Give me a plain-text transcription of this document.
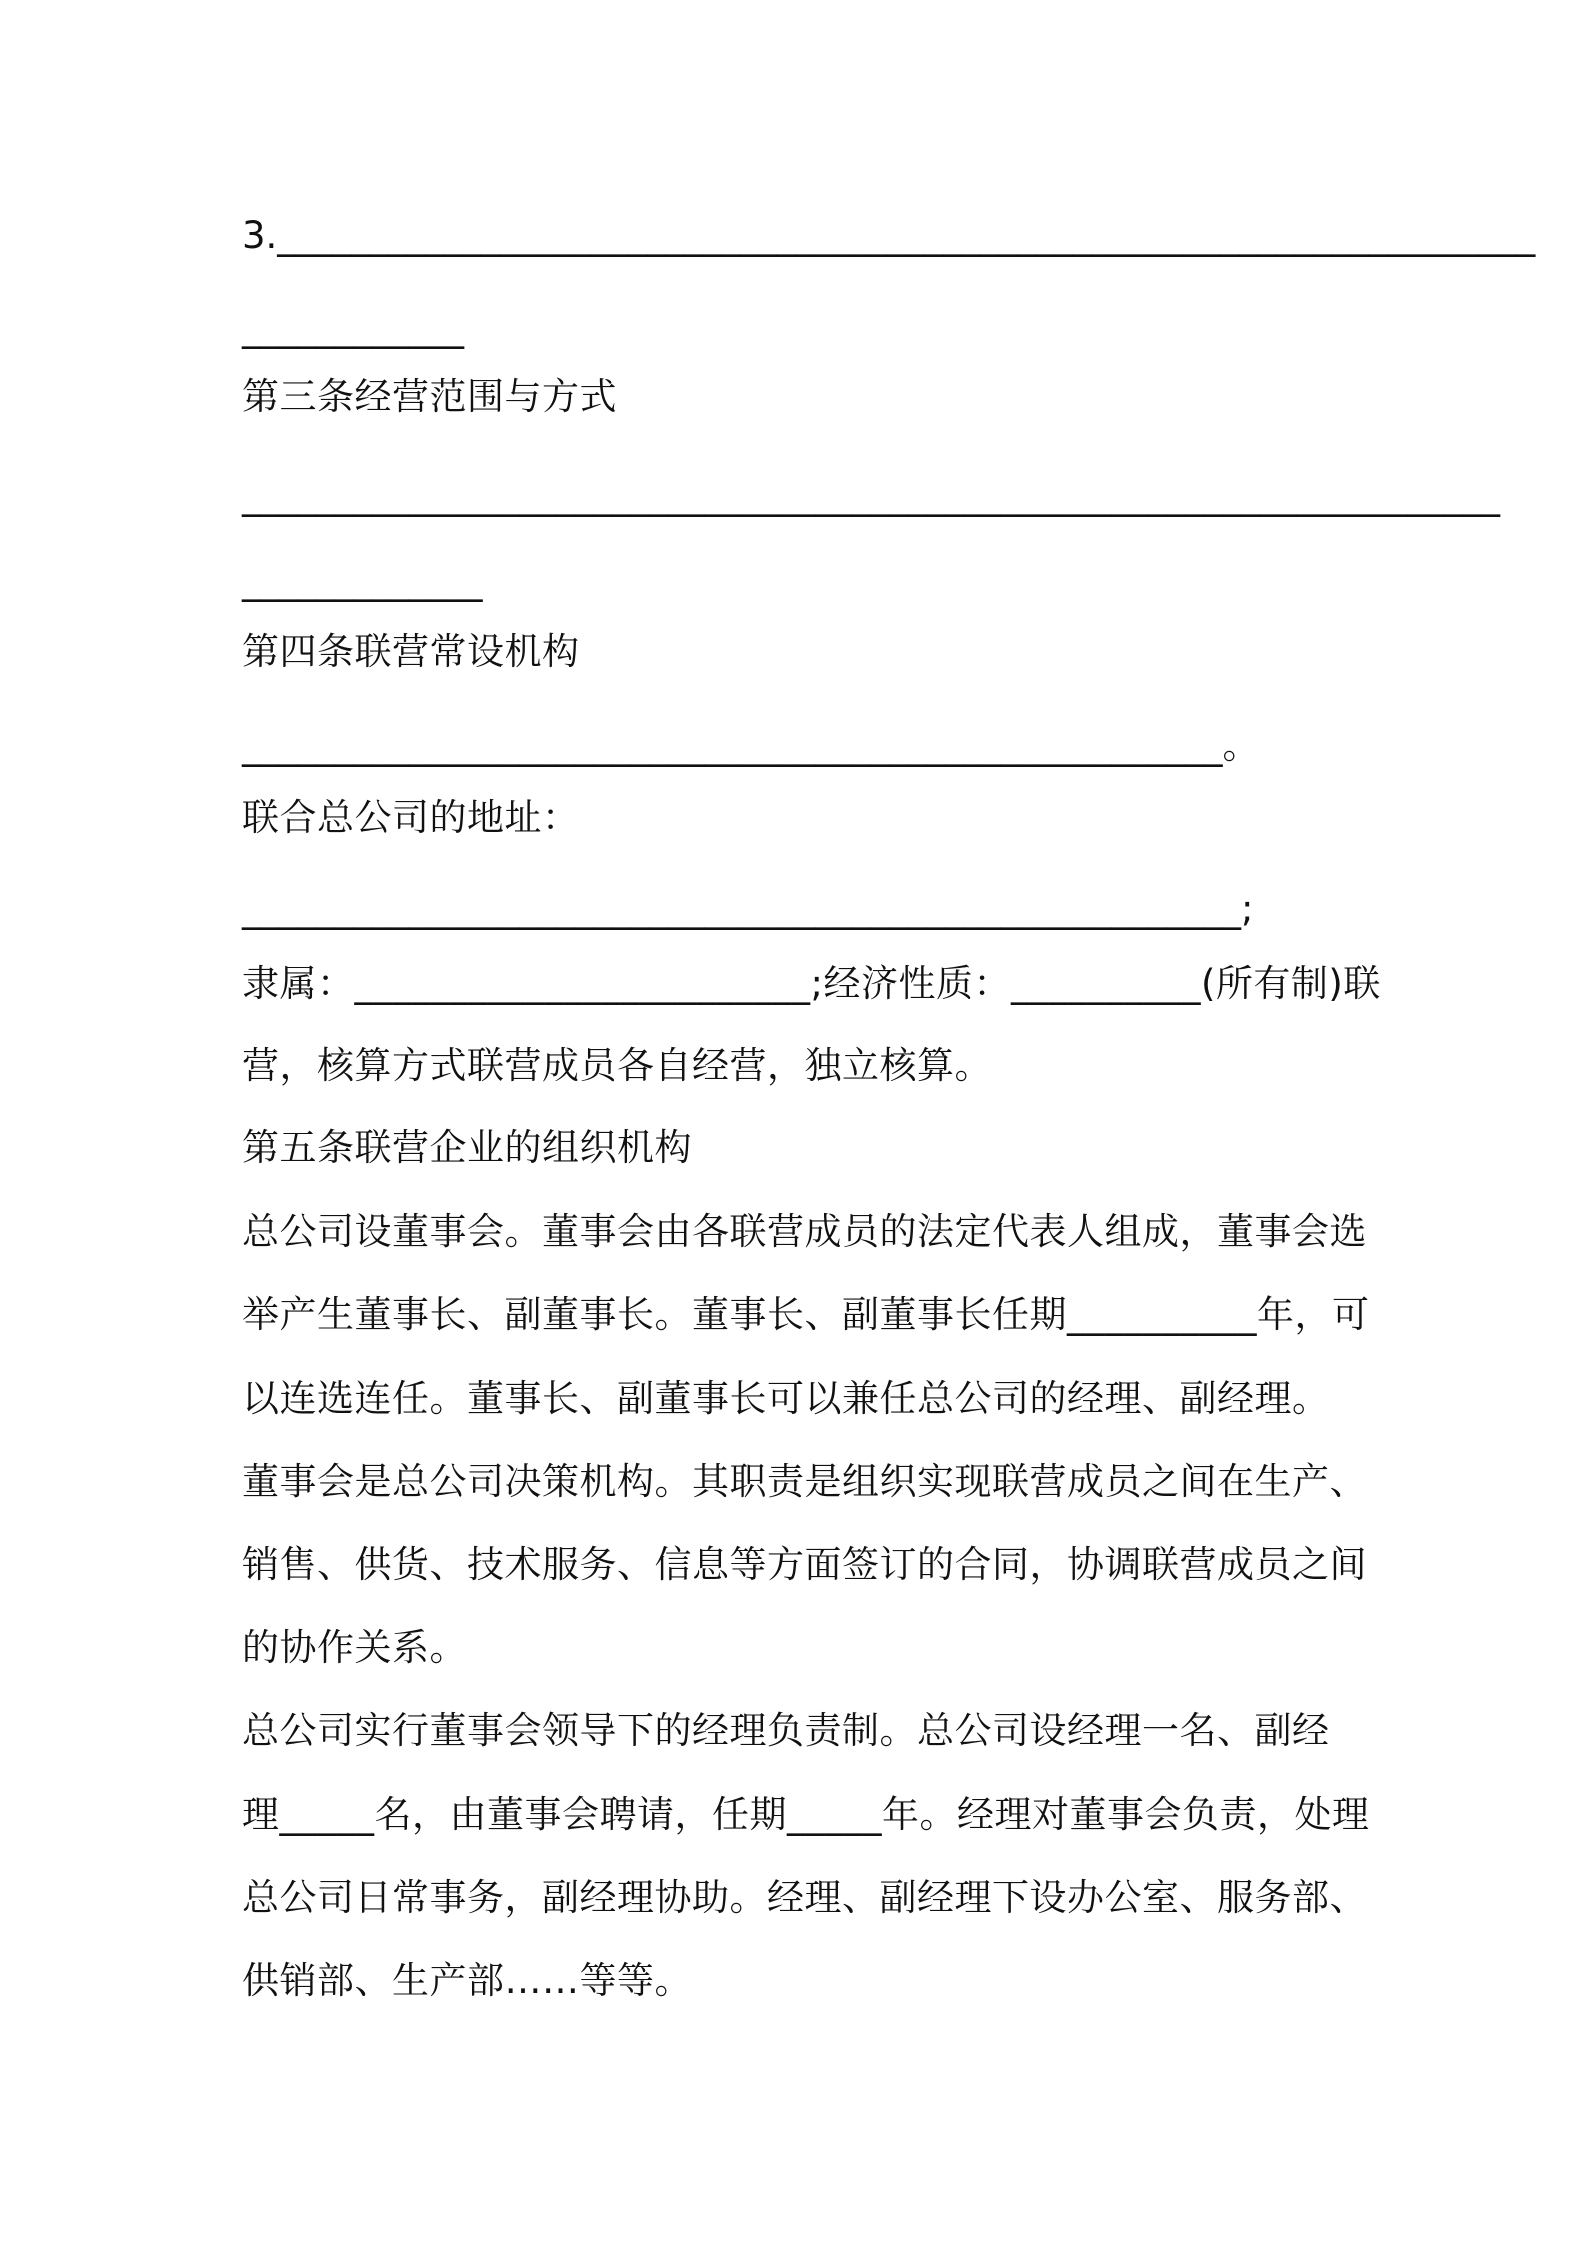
3.____________________________________________________________________
____________
第三条经营范围与方式
____________________________________________________________________
_____________
第四条联营常设机构
_____________________________________________________。
联合总公司的地址：
______________________________________________________;
隶属：________________________;经济性质：__________(所有制)联
营，核算方式联营成员各自经营，独立核算。
第五条联营企业的组织机构
总公司设董事会。董事会由各联营成员的法定代表人组成，董事会选
举产生董事长、副董事长。董事长、副董事长任期__________年，可
以连选连任。董事长、副董事长可以兼任总公司的经理、副经理。
董事会是总公司决策机构。其职责是组织实现联营成员之间在生产、
销售、供货、技术服务、信息等方面签订的合同，协调联营成员之间
的协作关系。
总公司实行董事会领导下的经理负责制。总公司设经理一名、副经
理_____名，由董事会聘请，任期_____年。经理对董事会负责，处理
总公司日常事务，副经理协助。经理、副经理下设办公室、服务部、
供销部、生产部……等等。
